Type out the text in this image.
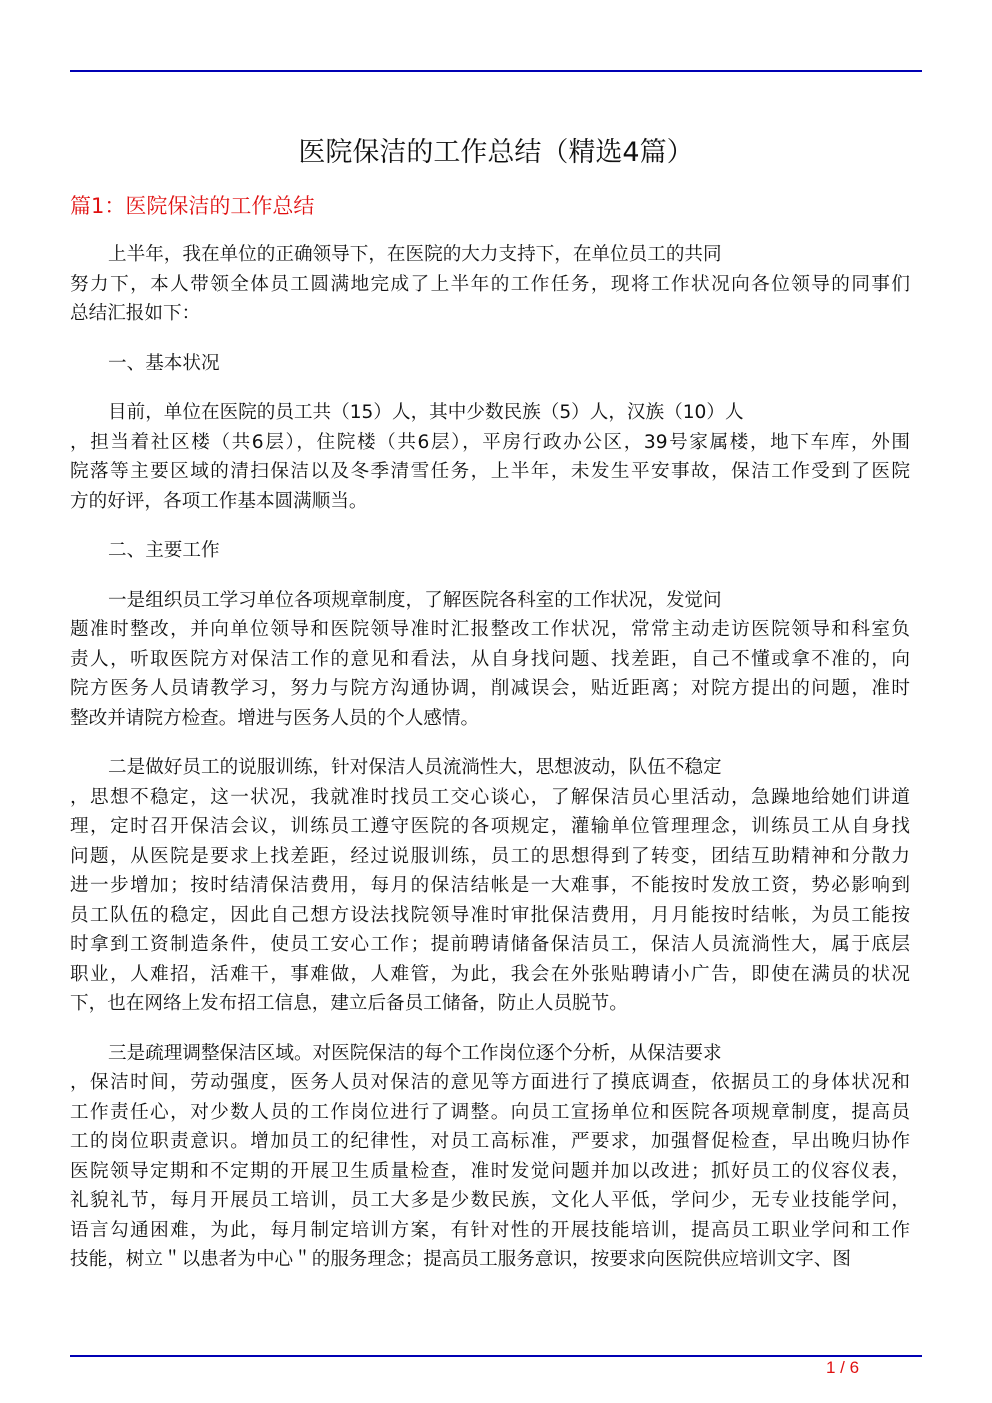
医院保洁的工作总结（精选4篇）
篇1：医院保洁的工作总结
上半年，我在单位的正确领导下，在医院的大力支持下，在单位员工的共同
努力下，本人带领全体员工圆满地完成了上半年的工作任务，现将工作状况向各位领导的同事们
总结汇报如下：
一、基本状况
目前，单位在医院的员工共（15）人，其中少数民族（5）人，汉族（10）人
，担当着社区楼（共6层），住院楼（共6层），平房行政办公区，39号家属楼，地下车库，外围
院落等主要区域的清扫保洁以及冬季清雪任务，上半年，未发生平安事故，保洁工作受到了医院
方的好评，各项工作基本圆满顺当。
二、主要工作
一是组织员工学习单位各项规章制度，了解医院各科室的工作状况，发觉问
题准时整改，并向单位领导和医院领导准时汇报整改工作状况，常常主动走访医院领导和科室负
责人，听取医院方对保洁工作的意见和看法，从自身找问题、找差距，自己不懂或拿不准的，向
院方医务人员请教学习，努力与院方沟通协调，削减误会，贴近距离；对院方提出的问题，准时
整改并请院方检查。增进与医务人员的个人感情。
二是做好员工的说服训练，针对保洁人员流淌性大，思想波动，队伍不稳定
，思想不稳定，这一状况，我就准时找员工交心谈心，了解保洁员心里活动，急躁地给她们讲道
理，定时召开保洁会议，训练员工遵守医院的各项规定，灌输单位管理理念，训练员工从自身找
问题，从医院是要求上找差距，经过说服训练，员工的思想得到了转变，团结互助精神和分散力
进一步增加；按时结清保洁费用，每月的保洁结帐是一大难事，不能按时发放工资，势必影响到
员工队伍的稳定，因此自己想方设法找院领导准时审批保洁费用，月月能按时结帐，为员工能按
时拿到工资制造条件，使员工安心工作；提前聘请储备保洁员工，保洁人员流淌性大，属于底层
职业，人难招，活难干，事难做，人难管，为此，我会在外张贴聘请小广告，即使在满员的状况
下，也在网络上发布招工信息，建立后备员工储备，防止人员脱节。
三是疏理调整保洁区域。对医院保洁的每个工作岗位逐个分析，从保洁要求
，保洁时间，劳动强度，医务人员对保洁的意见等方面进行了摸底调查，依据员工的身体状况和
工作责任心，对少数人员的工作岗位进行了调整。向员工宣扬单位和医院各项规章制度，提高员
工的岗位职责意识。增加员工的纪律性，对员工高标准，严要求，加强督促检查，早出晚归协作
医院领导定期和不定期的开展卫生质量检查，准时发觉问题并加以改进；抓好员工的仪容仪表，
礼貌礼节，每月开展员工培训，员工大多是少数民族，文化人平低，学问少，无专业技能学问，
语言勾通困难，为此，每月制定培训方案，有针对性的开展技能培训，提高员工职业学问和工作
技能，树立＂以患者为中心＂的服务理念；提高员工服务意识，按要求向医院供应培训文字、图
1 / 6
